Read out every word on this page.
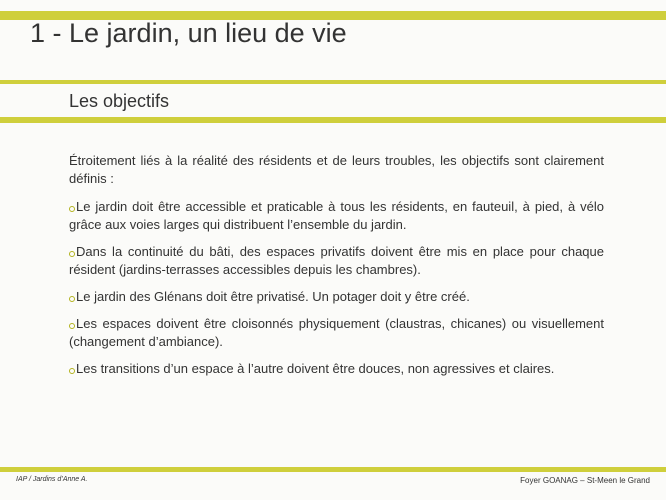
1 - Le jardin, un lieu de vie
Les objectifs

Étroitement liés à la réalité des résidents et de leurs troubles, les objectifs sont clairement définis :

Le jardin doit être accessible et praticable à tous les résidents, en fauteuil, à pied, à vélo grâce aux voies larges qui distribuent l’ensemble du jardin.
Dans la continuité du bâti, des espaces privatifs doivent être mis en place pour chaque résident (jardins-terrasses accessibles depuis les chambres).
Le jardin des Glénans doit être privatisé. Un potager doit y être créé.
Les espaces doivent être cloisonnés physiquement (claustras, chicanes) ou visuellement (changement d’ambiance).
Les transitions d’un espace à l’autre doivent être douces, non agressives et claires.
IAP / Jardins d’Anne A.	Foyer GOANAG – St-Meen le Grand
